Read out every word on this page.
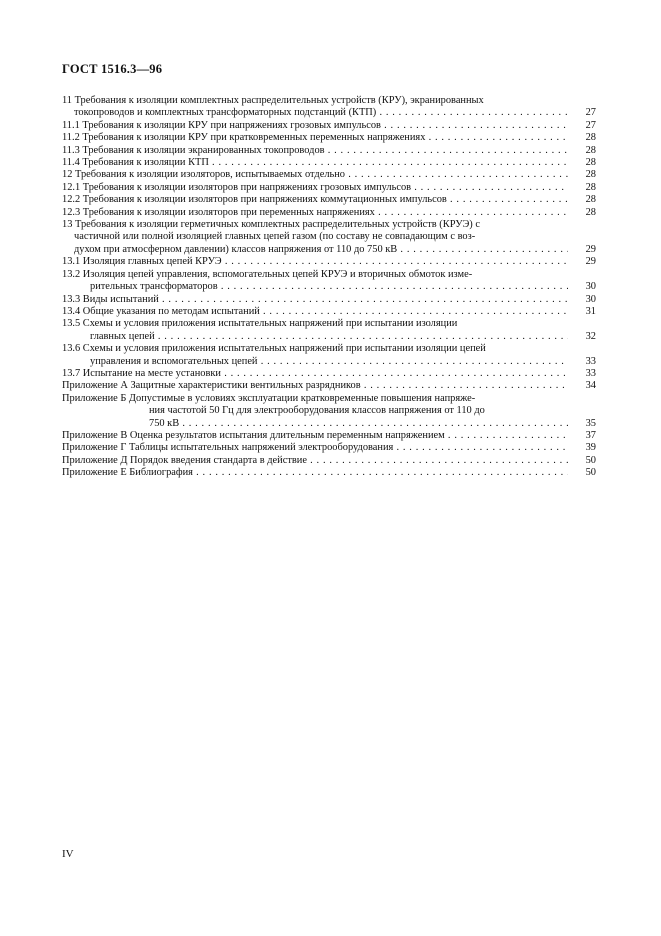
ГОСТ 1516.3—96
11 Требования к изоляции комплектных распределительных устройств (КРУ), экранированных
токопроводов и комплектных трансформаторных подстанций (КТП) . . .	27
11.1 Требования к изоляции КРУ при напряжениях грозовых импульсов . . .	27
11.2 Требования к изоляции КРУ при кратковременных переменных напряжениях . . .	28
11.3 Требования к изоляции экранированных токопроводов . . .	28
11.4 Требования к изоляции КТП . . .	28
12 Требования к изоляции изоляторов, испытываемых отдельно . . .	28
12.1 Требования к изоляции изоляторов при напряжениях грозовых импульсов . . .	28
12.2 Требования к изоляции изоляторов при напряжениях коммутационных импульсов . . .	28
12.3 Требования к изоляции изоляторов при переменных напряжениях . . .	28
13 Требования к изоляции герметичных комплектных распределительных устройств (КРУЭ) с
частичной или полной изоляцией главных цепей газом (по составу не совпадающим с воз-
духом при атмосферном давлении) классов напряжения от 110 до 750 кВ . . .	29
13.1 Изоляция главных цепей КРУЭ . . .	29
13.2 Изоляция цепей управления, вспомогательных цепей КРУЭ и вторичных обмоток изме-
рительных трансформаторов . . .	30
13.3 Виды испытаний . . .	30
13.4 Общие указания по методам испытаний . . .	31
13.5 Схемы и условия приложения испытательных напряжений при испытании изоляции
главных цепей . . .	32
13.6 Схемы и условия приложения испытательных напряжений при испытании изоляции цепей
управления и вспомогательных цепей . . .	33
13.7 Испытание на месте установки . . .	33
Приложение А Защитные характеристики вентильных разрядников . . .	34
Приложение Б Допустимые в условиях эксплуатации кратковременные повышения напряже-
ния частотой 50 Гц для электрооборудования классов напряжения от 110 до
750 кВ . . .	35
Приложение В Оценка результатов испытания длительным переменным напряжением . . .	37
Приложение Г Таблицы испытательных напряжений электрооборудования . . .	39
Приложение Д Порядок введения стандарта в действие . . .	50
Приложение Е Библиография . . .	50
IV
